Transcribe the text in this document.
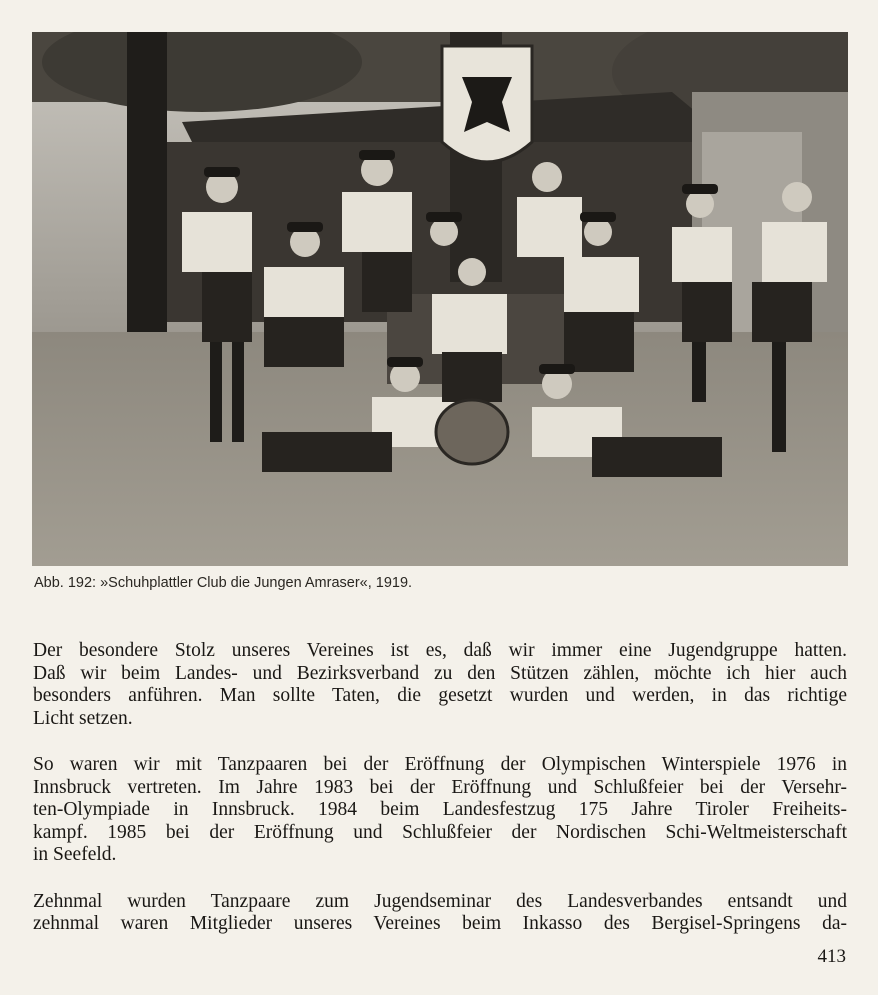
Abb. 192: »Schuhplattler Club die Jungen Amraser«, 1919.

Der besondere Stolz unseres Vereines ist es, daß wir immer eine Jugendgruppe hatten.
Daß wir beim Landes- und Bezirksverband zu den Stützen zählen, möchte ich hier auch
besonders anführen. Man sollte Taten, die gesetzt wurden und werden, in das richtige
Licht setzen.

So waren wir mit Tanzpaaren bei der Eröffnung der Olympischen Winterspiele 1976 in
Innsbruck vertreten. Im Jahre 1983 bei der Eröffnung und Schlußfeier bei der Versehr-
ten-Olympiade in Innsbruck. 1984 beim Landesfestzug 175 Jahre Tiroler Freiheits-
kampf. 1985 bei der Eröffnung und Schlußfeier der Nordischen Schi-Weltmeisterschaft
in Seefeld.

Zehnmal wurden Tanzpaare zum Jugendseminar des Landesverbandes entsandt und
zehnmal waren Mitglieder unseres Vereines beim Inkasso des Bergisel-Springens da-

413
